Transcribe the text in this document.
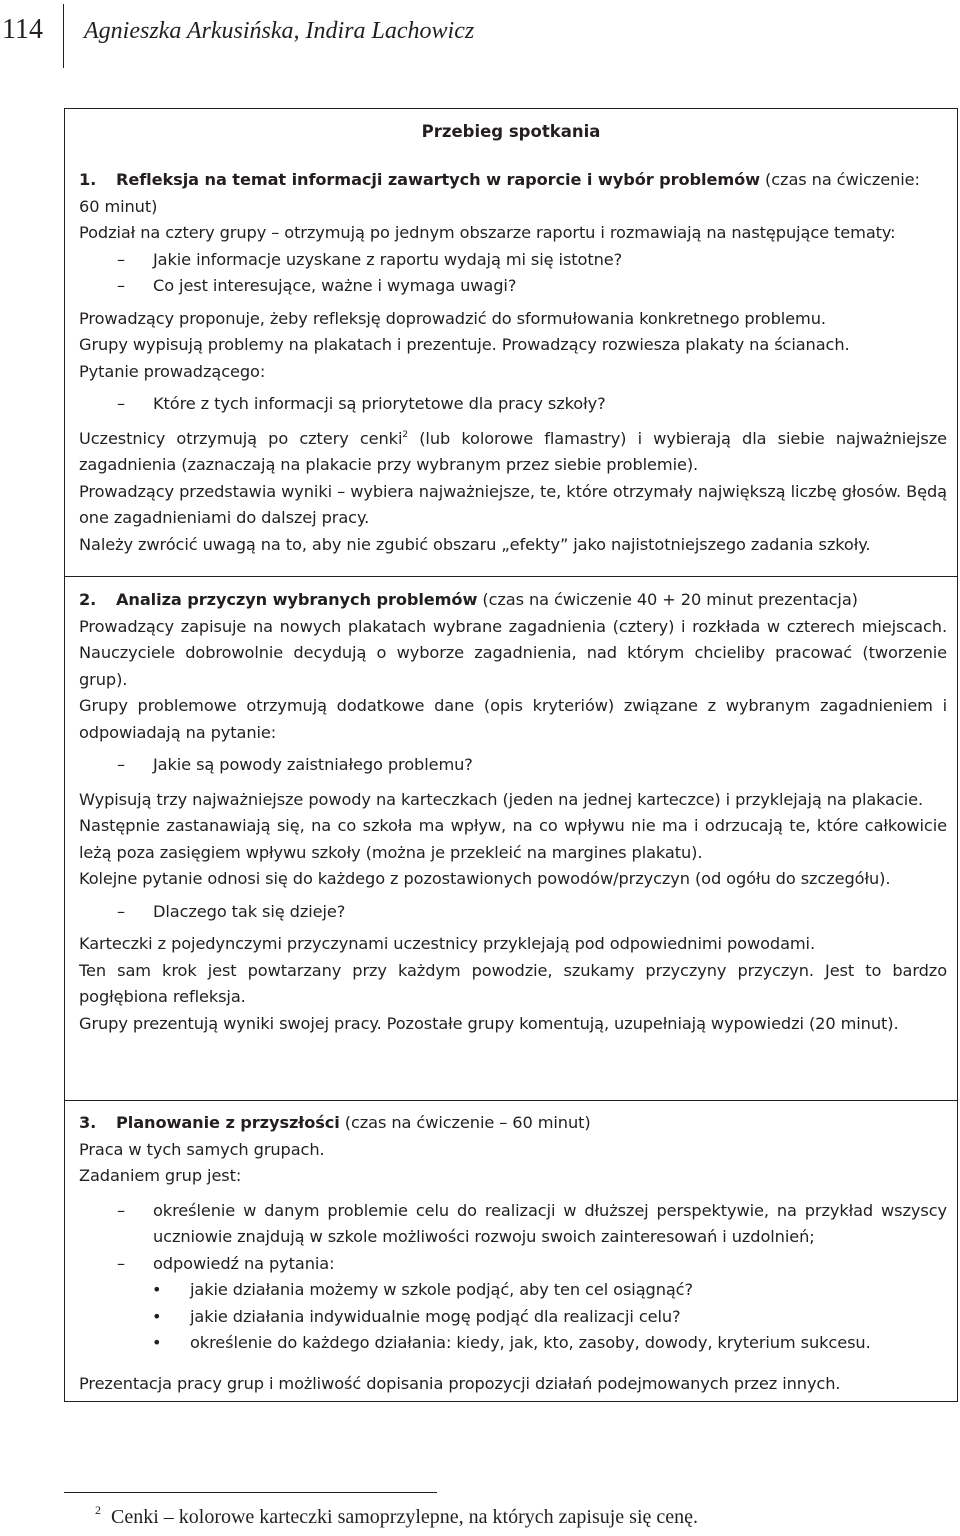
114	Agnieszka Arkusińska, Indira Lachowicz
Przebieg spotkania

1. Refleksja na temat informacji zawartych w raporcie i wybór problemów (czas na ćwiczenie:

60 minut)

Podział na cztery grupy – otrzymują po jednym obszarze raportu i rozmawiają na następujące tematy:

– Jakie informacje uzyskane z raportu wydają mi się istotne?

– Co jest interesujące, ważne i wymaga uwagi?

Prowadzący proponuje, żeby refleksję doprowadzić do sformułowania konkretnego problemu.

Grupy wypisują problemy na plakatach i prezentuje. Prowadzący rozwiesza plakaty na ścianach.

Pytanie prowadzącego:

– Które z tych informacji są priorytetowe dla pracy szkoły?

Uczestnicy otrzymują po cztery cenki$^2$ (lub kolorowe flamastry) i wybierają dla siebie najważniejsze zagadnienia (zaznaczają na plakacie przy wybranym przez siebie problemie).

Prowadzący przedstawia wyniki – wybiera najważniejsze, te, które otrzymały największą liczbę głosów. Będą one zagadnieniami do dalszej pracy.

Należy zwrócić uwagą na to, aby nie zgubić obszaru „efekty” jako najistotniejszego zadania szkoły.

2. Analiza przyczyn wybranych problemów (czas na ćwiczenie 40 + 20 minut prezentacja)

Prowadzący zapisuje na nowych plakatach wybrane zagadnienia (cztery) i rozkłada w czterech miejscach. Nauczyciele dobrowolnie decydują o wyborze zagadnienia, nad którym chcieliby pracować (tworzenie grup).

Grupy problemowe otrzymują dodatkowe dane (opis kryteriów) związane z wybranym zagadnieniem i odpowiadają na pytanie:

– Jakie są powody zaistniałego problemu?

Wypisują trzy najważniejsze powody na karteczkach (jeden na jednej karteczce) i przyklejają na plakacie.

Następnie zastanawiają się, na co szkoła ma wpływ, na co wpływu nie ma i odrzucają te, które całkowicie leżą poza zasięgiem wpływu szkoły (można je przekleić na margines plakatu).

Kolejne pytanie odnosi się do każdego z pozostawionych powodów/przyczyn (od ogółu do szczegółu).

– Dlaczego tak się dzieje?

Karteczki z pojedynczymi przyczynami uczestnicy przyklejają pod odpowiednimi powodami.

Ten sam krok jest powtarzany przy każdym powodzie, szukamy przyczyny przyczyn. Jest to bardzo pogłębiona refleksja.

Grupy prezentują wyniki swojej pracy. Pozostałe grupy komentują, uzupełniają wypowiedzi (20 minut).

3. Planowanie z przyszłości (czas na ćwiczenie – 60 minut)

Praca w tych samych grupach.

Zadaniem grup jest:

– określenie w danym problemie celu do realizacji w dłuższej perspektywie, na przykład wszyscy uczniowie znajdują w szkole możliwości rozwoju swoich zainteresowań i uzdolnień;

– odpowiedź na pytania:

• jakie działania możemy w szkole podjąć, aby ten cel osiągnąć?

• jakie działania indywidualnie mogę podjąć dla realizacji celu?

• określenie do każdego działania: kiedy, jak, kto, zasoby, dowody, kryterium sukcesu.

Prezentacja pracy grup i możliwość dopisania propozycji działań podejmowanych przez innych.

$^2$ Cenki – kolorowe karteczki samoprzylepne, na których zapisuje się cenę.
